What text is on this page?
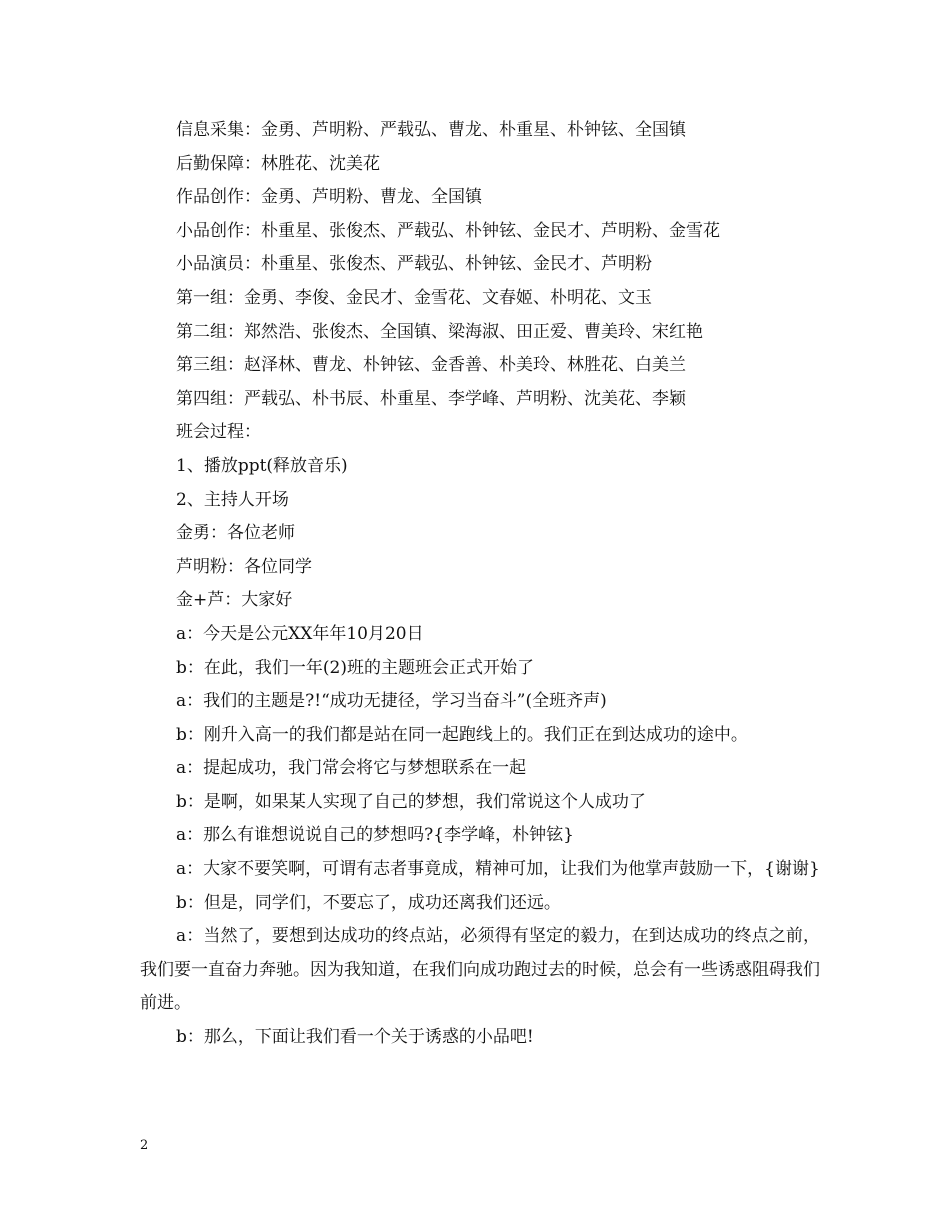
信息采集：金勇、芦明粉、严载弘、曹龙、朴重星、朴钟铉、全国镇
后勤保障：林胜花、沈美花
作品创作：金勇、芦明粉、曹龙、全国镇
小品创作：朴重星、张俊杰、严载弘、朴钟铉、金民才、芦明粉、金雪花
小品演员：朴重星、张俊杰、严载弘、朴钟铉、金民才、芦明粉
第一组：金勇、李俊、金民才、金雪花、文春姬、朴明花、文玉
第二组：郑然浩、张俊杰、全国镇、梁海淑、田正爱、曹美玲、宋红艳
第三组：赵泽林、曹龙、朴钟铉、金香善、朴美玲、林胜花、白美兰
第四组：严载弘、朴书辰、朴重星、李学峰、芦明粉、沈美花、李颖
班会过程：
1、播放ppt(释放音乐)
2、主持人开场
金勇：各位老师
芦明粉：各位同学
金+芦：大家好
a：今天是公元XX年年10月20日
b：在此，我们一年(2)班的主题班会正式开始了
a：我们的主题是?!“成功无捷径，学习当奋斗”(全班齐声)
b：刚升入高一的我们都是站在同一起跑线上的。我们正在到达成功的途中。
a：提起成功，我门常会将它与梦想联系在一起
b：是啊，如果某人实现了自己的梦想，我们常说这个人成功了
a：那么有谁想说说自己的梦想吗?{李学峰，朴钟铉}
a：大家不要笑啊，可谓有志者事竟成，精神可加，让我们为他掌声鼓励一下，{谢谢}
b：但是，同学们，不要忘了，成功还离我们还远。
a：当然了，要想到达成功的终点站，必须得有坚定的毅力，在到达成功的终点之前，我们要一直奋力奔驰。因为我知道，在我们向成功跑过去的时候，总会有一些诱惑阻碍我们前进。
b：那么，下面让我们看一个关于诱惑的小品吧!
2
